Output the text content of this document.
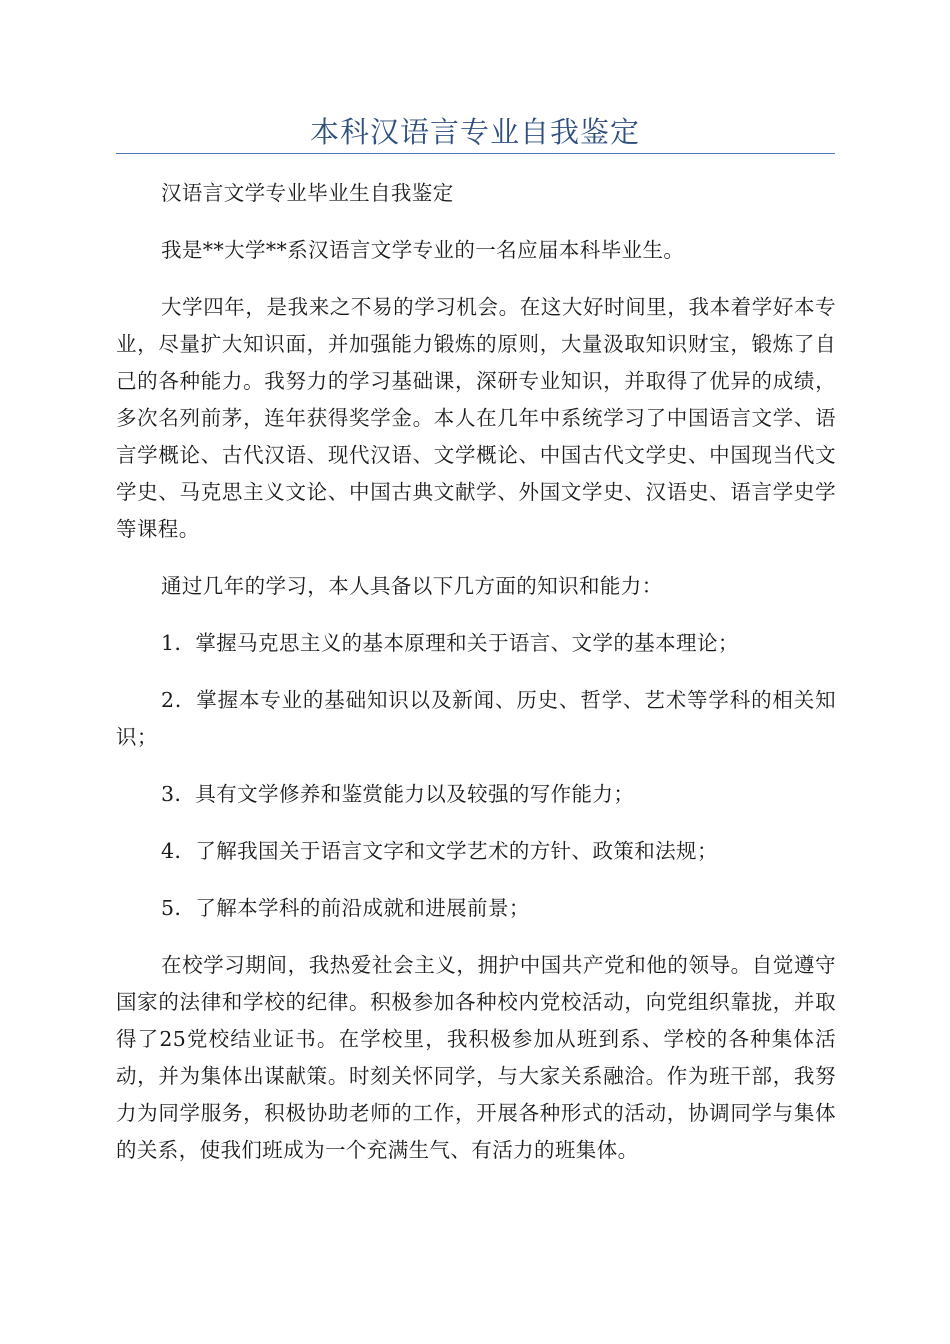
本科汉语言专业自我鉴定

汉语言文学专业毕业生自我鉴定

我是**大学**系汉语言文学专业的一名应届本科毕业生。

大学四年，是我来之不易的学习机会。在这大好时间里，我本着学好本专业，尽量扩大知识面，并加强能力锻炼的原则，大量汲取知识财宝，锻炼了自己的各种能力。我努力的学习基础课，深研专业知识，并取得了优异的成绩，多次名列前茅，连年获得奖学金。本人在几年中系统学习了中国语言文学、语言学概论、古代汉语、现代汉语、文学概论、中国古代文学史、中国现当代文学史、马克思主义文论、中国古典文献学、外国文学史、汉语史、语言学史学等课程。

通过几年的学习，本人具备以下几方面的知识和能力：

1．掌握马克思主义的基本原理和关于语言、文学的基本理论；

2．掌握本专业的基础知识以及新闻、历史、哲学、艺术等学科的相关知识；

3．具有文学修养和鉴赏能力以及较强的写作能力；

4．了解我国关于语言文字和文学艺术的方针、政策和法规；

5．了解本学科的前沿成就和进展前景；

在校学习期间，我热爱社会主义，拥护中国共产党和他的领导。自觉遵守国家的法律和学校的纪律。积极参加各种校内党校活动，向党组织靠拢，并取得了25党校结业证书。在学校里，我积极参加从班到系、学校的各种集体活动，并为集体出谋献策。时刻关怀同学，与大家关系融洽。作为班干部，我努力为同学服务，积极协助老师的工作，开展各种形式的活动，协调同学与集体的关系，使我们班成为一个充满生气、有活力的班集体。
